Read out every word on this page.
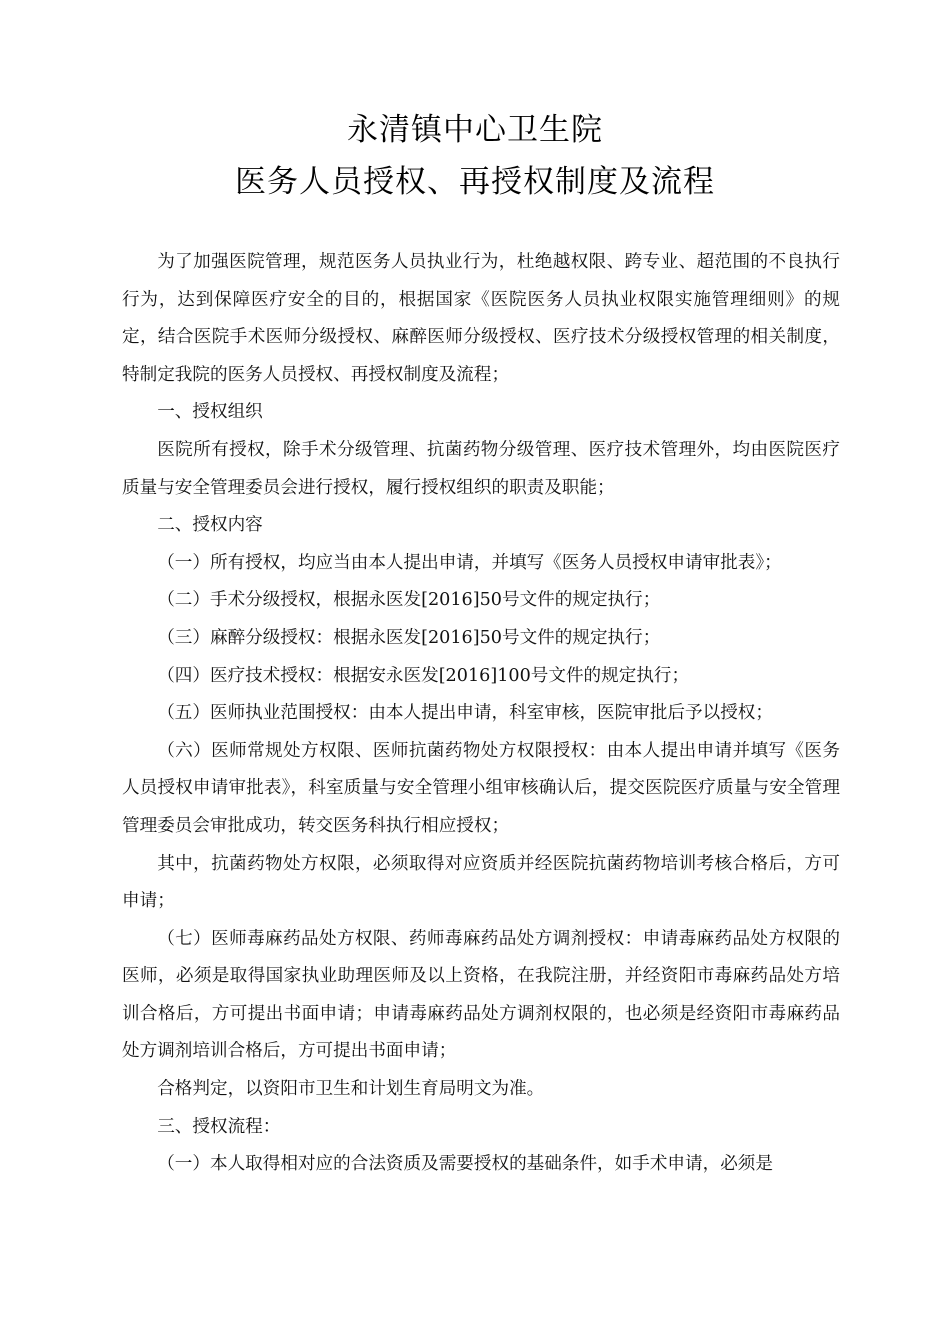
永清镇中心卫生院
医务人员授权、再授权制度及流程

为了加强医院管理，规范医务人员执业行为，杜绝越权限、跨专业、超范围的不良执行行为，达到保障医疗安全的目的，根据国家《医院医务人员执业权限实施管理细则》的规定，结合医院手术医师分级授权、麻醉医师分级授权、医疗技术分级授权管理的相关制度，特制定我院的医务人员授权、再授权制度及流程；

一、授权组织

医院所有授权，除手术分级管理、抗菌药物分级管理、医疗技术管理外，均由医院医疗质量与安全管理委员会进行授权，履行授权组织的职责及职能；

二、授权内容

（一）所有授权，均应当由本人提出申请，并填写《医务人员授权申请审批表》；

（二）手术分级授权，根据永医发[2016]50号文件的规定执行；

（三）麻醉分级授权：根据永医发[2016]50号文件的规定执行；

（四）医疗技术授权：根据安永医发[2016]100号文件的规定执行；

（五）医师执业范围授权：由本人提出申请，科室审核，医院审批后予以授权；

（六）医师常规处方权限、医师抗菌药物处方权限授权：由本人提出申请并填写《医务人员授权申请审批表》，科室质量与安全管理小组审核确认后，提交医院医疗质量与安全管理管理委员会审批成功，转交医务科执行相应授权；

其中，抗菌药物处方权限，必须取得对应资质并经医院抗菌药物培训考核合格后，方可申请；

（七）医师毒麻药品处方权限、药师毒麻药品处方调剂授权：申请毒麻药品处方权限的医师，必须是取得国家执业助理医师及以上资格，在我院注册，并经资阳市毒麻药品处方培训合格后，方可提出书面申请；申请毒麻药品处方调剂权限的，也必须是经资阳市毒麻药品处方调剂培训合格后，方可提出书面申请；

合格判定，以资阳市卫生和计划生育局明文为准。

三、授权流程：

（一）本人取得相对应的合法资质及需要授权的基础条件，如手术申请，必须是
